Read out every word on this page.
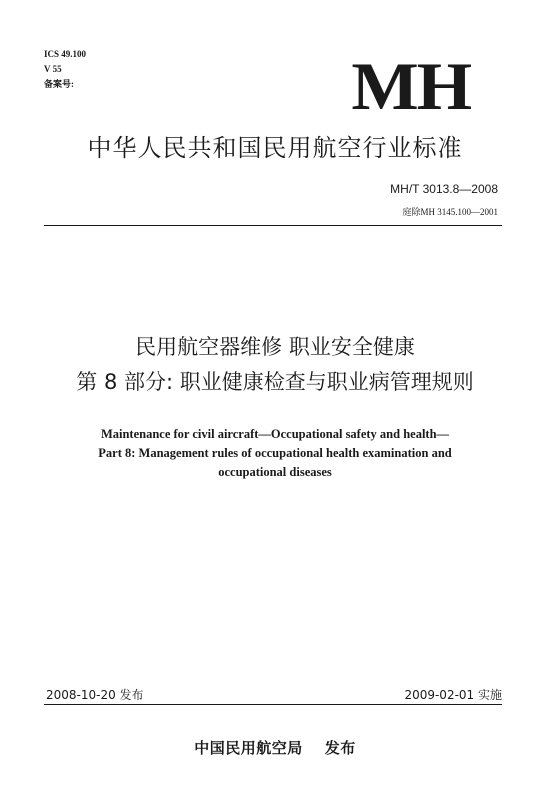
ICS 49.100
V 55
备案号:	MH
中华人民共和国民用航空行业标准
MH/T 3013.8—2008
庭除MH 3145.100—2001
民用航空器维修 职业安全健康
第 8 部分: 职业健康检查与职业病管理规则
Maintenance for civil aircraft—Occupational safety and health—
Part 8: Management rules of occupational health examination and
occupational diseases
2008-10-20 发布	2009-02-01 实施
中国民用航空局 发布
